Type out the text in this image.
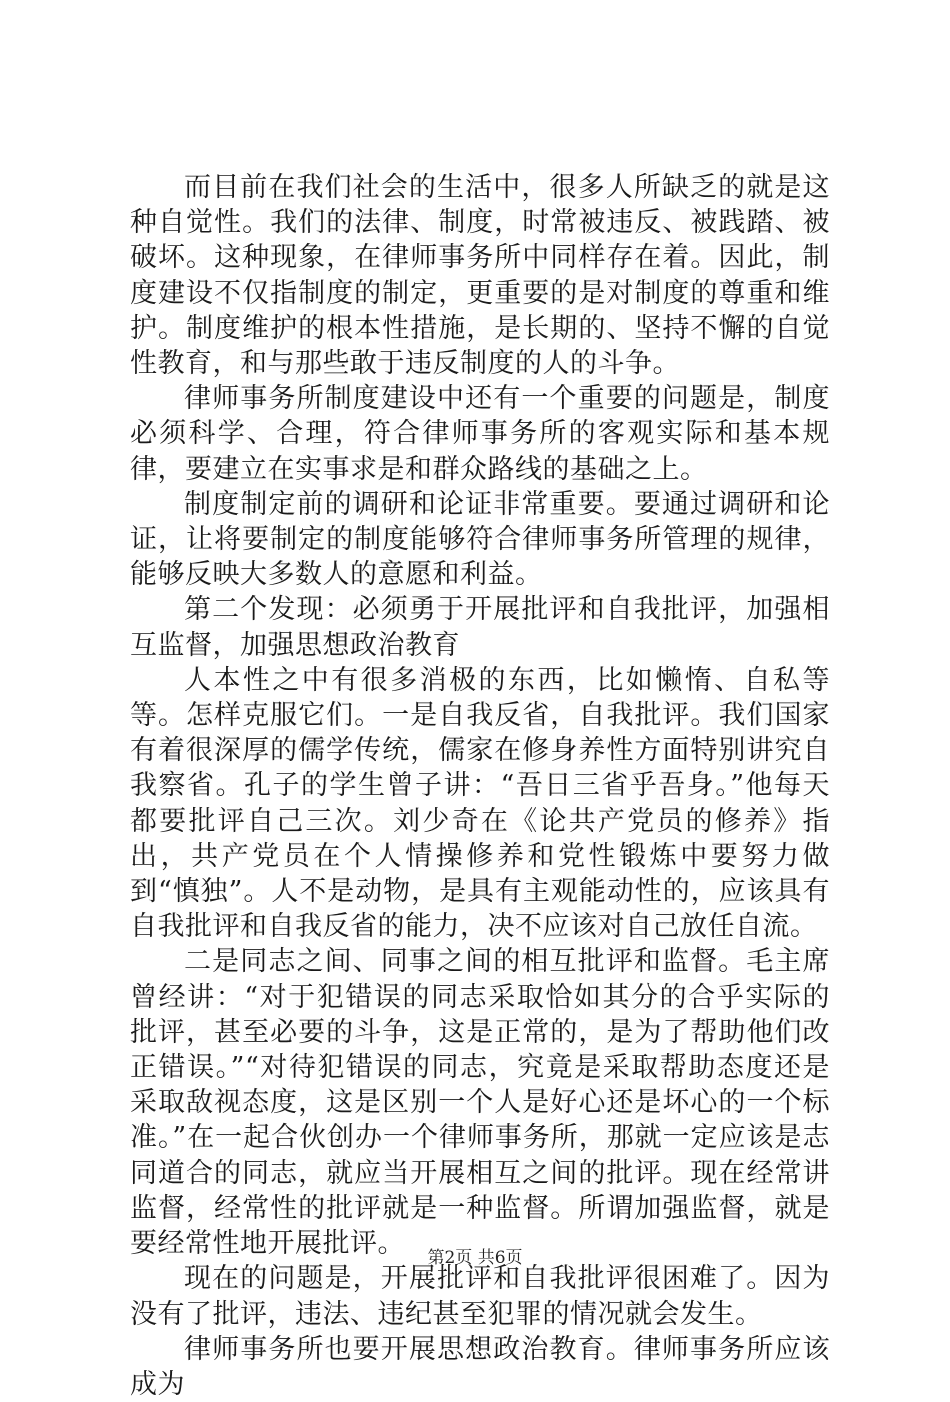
而目前在我们社会的生活中，很多人所缺乏的就是这种自觉性。我们的法律、制度，时常被违反、被践踏、被破坏。这种现象，在律师事务所中同样存在着。因此，制度建设不仅指制度的制定，更重要的是对制度的尊重和维护。制度维护的根本性措施，是长期的、坚持不懈的自觉性教育，和与那些敢于违反制度的人的斗争。

律师事务所制度建设中还有一个重要的问题是，制度必须科学、合理，符合律师事务所的客观实际和基本规律，要建立在实事求是和群众路线的基础之上。

制度制定前的调研和论证非常重要。要通过调研和论证，让将要制定的制度能够符合律师事务所管理的规律，能够反映大多数人的意愿和利益。

第二个发现：必须勇于开展批评和自我批评，加强相互监督，加强思想政治教育

人本性之中有很多消极的东西，比如懒惰、自私等等。怎样克服它们。一是自我反省，自我批评。我们国家有着很深厚的儒学传统，儒家在修身养性方面特别讲究自我察省。孔子的学生曾子讲：“吾日三省乎吾身。”他每天都要批评自己三次。刘少奇在《论共产党员的修养》指出，共产党员在个人情操修养和党性锻炼中要努力做到“慎独”。人不是动物，是具有主观能动性的，应该具有自我批评和自我反省的能力，决不应该对自己放任自流。

二是同志之间、同事之间的相互批评和监督。毛主席曾经讲：“对于犯错误的同志采取恰如其分的合乎实际的批评，甚至必要的斗争，这是正常的，是为了帮助他们改正错误。”“对待犯错误的同志，究竟是采取帮助态度还是采取敌视态度，这是区别一个人是好心还是坏心的一个标准。”在一起合伙创办一个律师事务所，那就一定应该是志同道合的同志，就应当开展相互之间的批评。现在经常讲监督，经常性的批评就是一种监督。所谓加强监督，就是要经常性地开展批评。

现在的问题是，开展批评和自我批评很困难了。因为没有了批评，违法、违纪甚至犯罪的情况就会发生。

律师事务所也要开展思想政治教育。律师事务所应该成为

第2页 共6页
